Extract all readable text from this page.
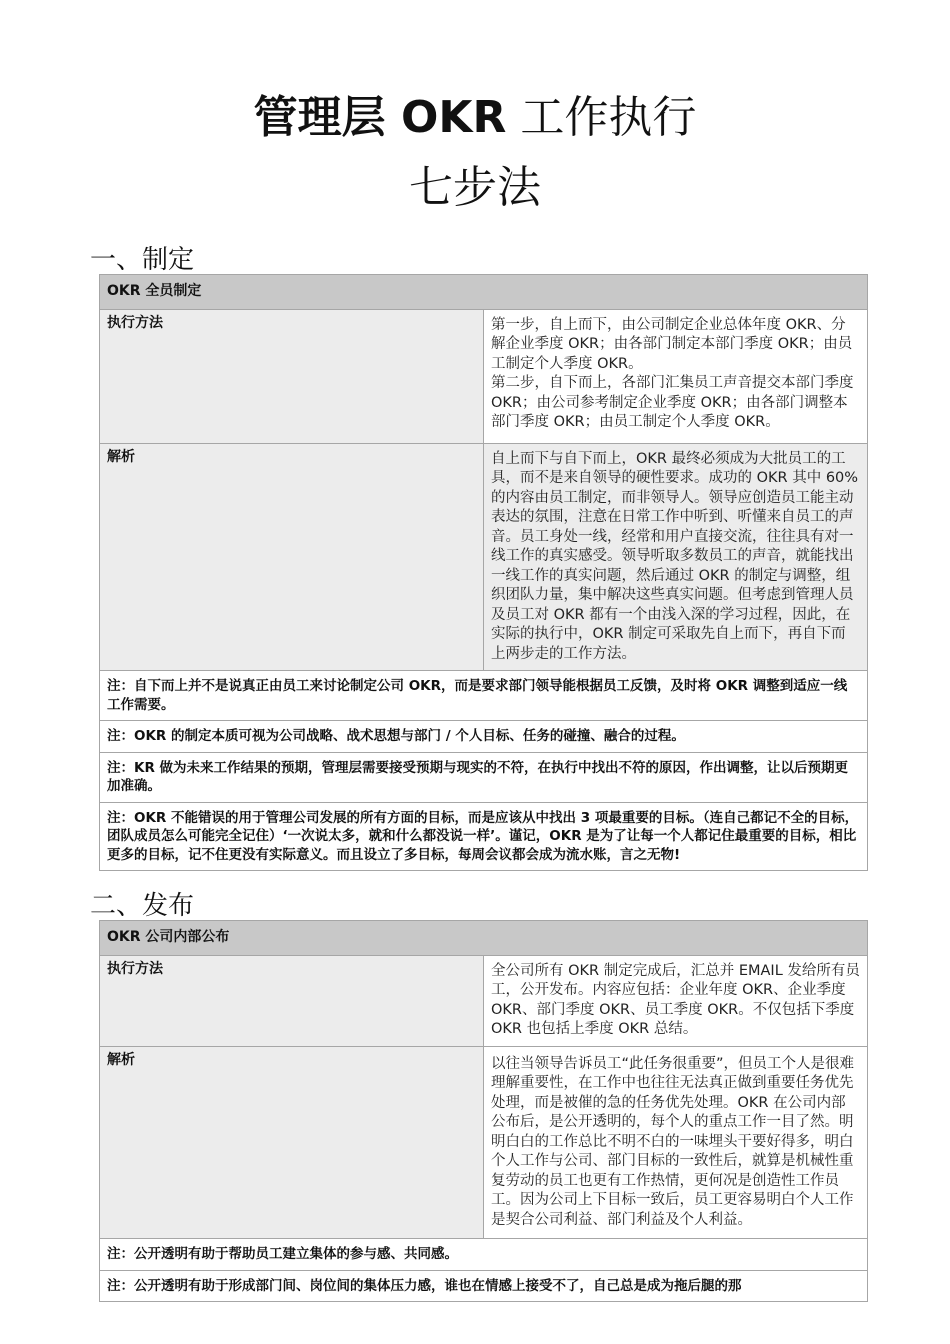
管理层 OKR 工作执行
七步法
一、制定
OKR 全员制定	
执行方法	第一步，自上而下，由公司制定企业总体年度 OKR、分解企业季度 OKR；由各部门制定本部门季度 OKR；由员工制定个人季度 OKR。

第二步，自下而上，各部门汇集员工声音提交本部门季度 OKR；由公司参考制定企业季度 OKR；由各部门调整本部门季度 OKR；由员工制定个人季度 OKR。

解析	自上而下与自下而上，OKR 最终必须成为大批员工的工具，而不是来自领导的硬性要求。成功的 OKR 其中 60%的内容由员工制定，而非领导人。领导应创造员工能主动表达的氛围，注意在日常工作中听到、听懂来自员工的声音。员工身处一线，经常和用户直接交流，往往具有对一线工作的真实感受。领导听取多数员工的声音，就能找出一线工作的真实问题，然后通过 OKR 的制定与调整，组织团队力量，集中解决这些真实问题。但考虑到管理人员及员工对 OKR 都有一个由浅入深的学习过程，因此，在实际的执行中，OKR 制定可采取先自上而下，再自下而上两步走的工作方法。
注：自下而上并不是说真正由员工来讨论制定公司 OKR，而是要求部门领导能根据员工反馈，及时将 OKR 调整到适应一线工作需要。	
注：OKR 的制定本质可视为公司战略、战术思想与部门 / 个人目标、任务的碰撞、融合的过程。	
注：KR 做为未来工作结果的预期，管理层需要接受预期与现实的不符，在执行中找出不符的原因，作出调整，让以后预期更加准确。	
注：OKR 不能错误的用于管理公司发展的所有方面的目标，而是应该从中找出 3 项最重要的目标。（连自己都记不全的目标，团队成员怎么可能完全记住）‘一次说太多，就和什么都没说一样’。谨记，OKR 是为了让每一个人都记住最重要的目标，相比更多的目标，记不住更没有实际意义。而且设立了多目标，每周会议都会成为流水账，言之无物!	
二、发布
OKR 公司内部公布	
执行方法	全公司所有 OKR 制定完成后，汇总并 EMAIL 发给所有员工，公开发布。内容应包括：企业年度 OKR、企业季度 OKR、部门季度 OKR、员工季度 OKR。不仅包括下季度 OKR 也包括上季度 OKR 总结。
解析	以往当领导告诉员工“此任务很重要”，但员工个人是很难理解重要性，在工作中也往往无法真正做到重要任务优先处理，而是被催的急的任务优先处理。OKR 在公司内部公布后，是公开透明的，每个人的重点工作一目了然。明明白白的工作总比不明不白的一味埋头干要好得多，明白个人工作与公司、部门目标的一致性后，就算是机械性重复劳动的员工也更有工作热情，更何况是创造性工作员工。因为公司上下目标一致后，员工更容易明白个人工作是契合公司利益、部门利益及个人利益。
注：公开透明有助于帮助员工建立集体的参与感、共同感。	
注：公开透明有助于形成部门间、岗位间的集体压力感，谁也在情感上接受不了，自己总是成为拖后腿的那	
